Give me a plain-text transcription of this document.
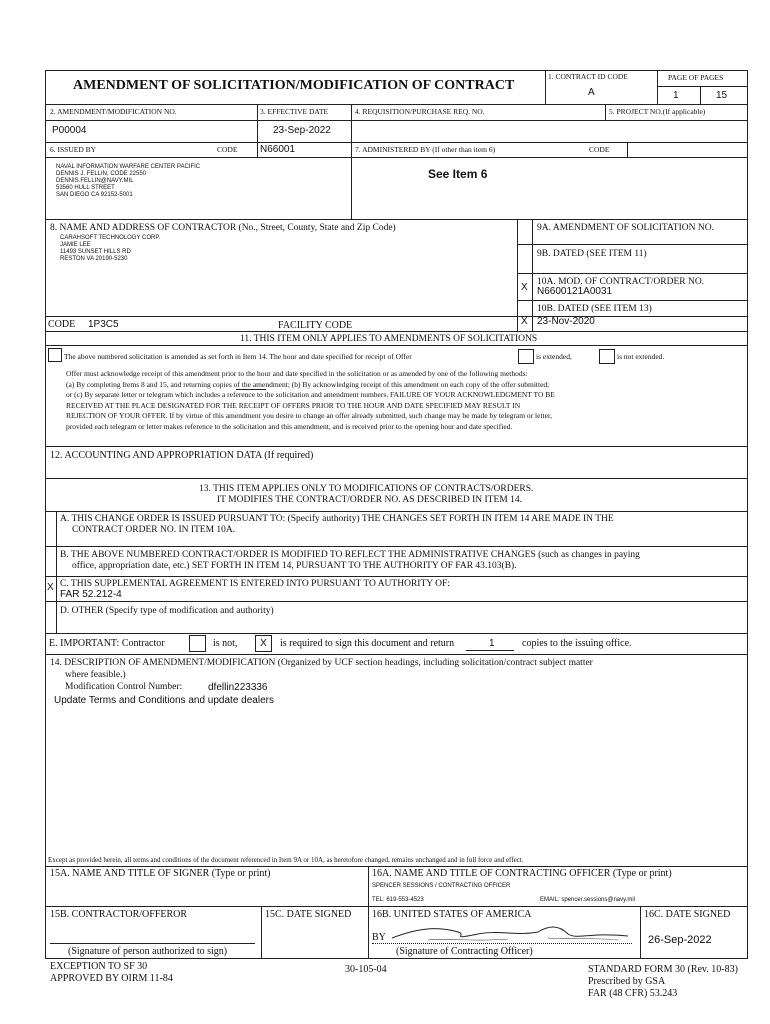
AMENDMENT OF SOLICITATION/MODIFICATION OF CONTRACT
1. CONTRACT ID CODE
A
PAGE OF PAGES
1	15
2. AMENDMENT/MODIFICATION NO.
P00004
3. EFFECTIVE DATE
23-Sep-2022
4. REQUISITION/PURCHASE REQ. NO.	5. PROJECT NO.(If applicable)
6. ISSUED BY	CODE N66001	7. ADMINISTERED BY (If other than item 6)	CODE
NAVAL INFORMATION WARFARE CENTER PACIFIC
DENNIS J. FELLIN, CODE 22550
DENNIS.FELLIN@NAVY.MIL
53560 HULL STREET
SAN DIEGO CA 92152-5001
See Item 6
8. NAME AND ADDRESS OF CONTRACTOR (No., Street, County, State and Zip Code)
CARAHSOFT TECHNOLOGY CORP.
JAMIE LEE
11493 SUNSET HILLS RD
RESTON VA 20190-5230
9A. AMENDMENT OF SOLICITATION NO.
9B. DATED (SEE ITEM 11)
X 10A. MOD. OF CONTRACT/ORDER NO.
N6600121A0031
10B. DATED (SEE ITEM 13)
X 23-Nov-2020
CODE 1P3C5	FACILITY CODE
11. THIS ITEM ONLY APPLIES TO AMENDMENTS OF SOLICITATIONS
The above numbered solicitation is amended as set forth in Item 14. The hour and date specified for receipt of Offer	is extended,	is not extended.
Offer must acknowledge receipt of this amendment prior to the hour and date specified in the solicitation or as amended by one of the following methods:
(a) By completing Items 8 and 15, and returning copies of the amendment; (b) By acknowledging receipt of this amendment on each copy of the offer submitted;
or (c) By separate letter or telegram which includes a reference to the solicitation and amendment numbers. FAILURE OF YOUR ACKNOWLEDGMENT TO BE
RECEIVED AT THE PLACE DESIGNATED FOR THE RECEIPT OF OFFERS PRIOR TO THE HOUR AND DATE SPECIFIED MAY RESULT IN
REJECTION OF YOUR OFFER. If by virtue of this amendment you desire to change an offer already submitted, such change may be made by telegram or letter,
provided each telegram or letter makes reference to the solicitation and this amendment, and is received prior to the opening hour and date specified.
12. ACCOUNTING AND APPROPRIATION DATA (If required)
13. THIS ITEM APPLIES ONLY TO MODIFICATIONS OF CONTRACTS/ORDERS.
IT MODIFIES THE CONTRACT/ORDER NO. AS DESCRIBED IN ITEM 14.
A. THIS CHANGE ORDER IS ISSUED PURSUANT TO: (Specify authority) THE CHANGES SET FORTH IN ITEM 14 ARE MADE IN THE
CONTRACT ORDER NO. IN ITEM 10A.
B. THE ABOVE NUMBERED CONTRACT/ORDER IS MODIFIED TO REFLECT THE ADMINISTRATIVE CHANGES (such as changes in paying
office, appropriation date, etc.) SET FORTH IN ITEM 14, PURSUANT TO THE AUTHORITY OF FAR 43.103(B).
X C. THIS SUPPLEMENTAL AGREEMENT IS ENTERED INTO PURSUANT TO AUTHORITY OF:
FAR 52.212-4
D. OTHER (Specify type of modification and authority)
E. IMPORTANT: Contractor	is not,	X	is required to sign this document and return	1	copies to the issuing office.
14. DESCRIPTION OF AMENDMENT/MODIFICATION (Organized by UCF section headings, including solicitation/contract subject matter
where feasible.)
Modification Control Number:	dfellin223336
Update Terms and Conditions and update dealers
Except as provided herein, all terms and conditions of the document referenced in Item 9A or 10A, as heretofore changed, remains unchanged and in full force and effect.
15A. NAME AND TITLE OF SIGNER (Type or print)	16A. NAME AND TITLE OF CONTRACTING OFFICER (Type or print)
SPENCER SESSIONS / CONTRACTING OFFICER
TEL: 619-553-4523	EMAIL: spencer.sessions@navy.mil
15B. CONTRACTOR/OFFEROR	15C. DATE SIGNED 16B. UNITED STATES OF AMERICA	16C. DATE SIGNED
BY	26-Sep-2022
(Signature of person authorized to sign)	(Signature of Contracting Officer)
EXCEPTION TO SF 30
APPROVED BY OIRM 11-84
30-105-04	STANDARD FORM 30 (Rev. 10-83)
Prescribed by GSA
FAR (48 CFR) 53.243
